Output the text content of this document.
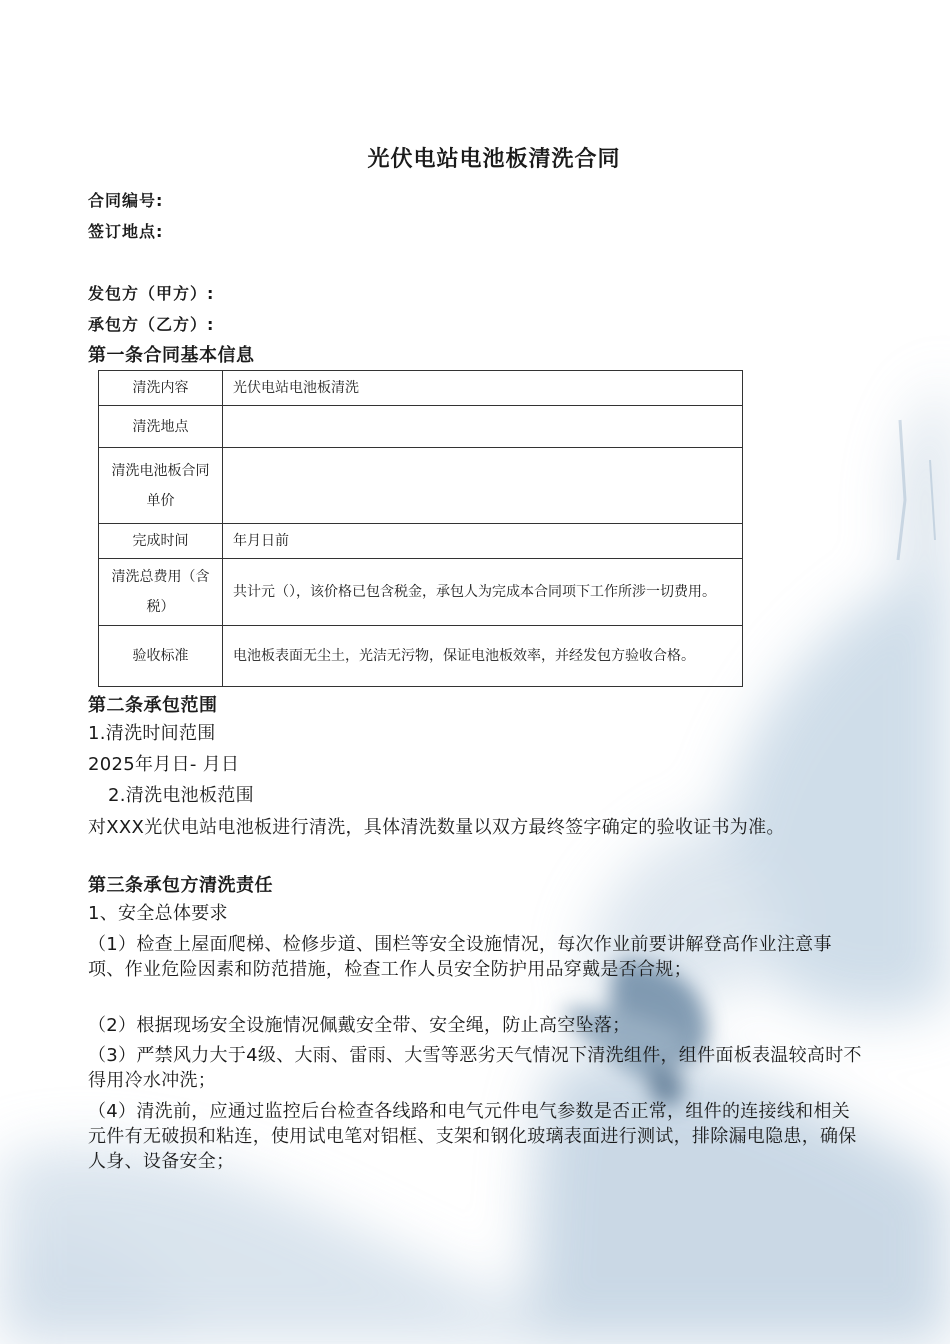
光伏电站电池板清洗合同
合同编号:
签订地点:
发包方（甲方）:
承包方（乙方）:
第一条合同基本信息
清洗内容	光伏电站电池板清洗
清洗地点	
清洗电池板合同单价	
完成时间	年月日前
清洗总费用（含税）	共计元（），该价格已包含税金，承包人为完成本合同项下工作所涉一切费用。
验收标准	电池板表面无尘土，光洁无污物，保证电池板效率，并经发包方验收合格。
第二条承包范围
1.清洗时间范围
2025年月日- 月日
2.清洗电池板范围
对XXX光伏电站电池板进行清洗，具体清洗数量以双方最终签字确定的验收证书为准。
第三条承包方清洗责任
1、安全总体要求
（1）检查上屋面爬梯、检修步道、围栏等安全设施情况，每次作业前要讲解登高作业注意事项、作业危险因素和防范措施，检查工作人员安全防护用品穿戴是否合规；
（2）根据现场安全设施情况佩戴安全带、安全绳，防止高空坠落；
（3）严禁风力大于4级、大雨、雷雨、大雪等恶劣天气情况下清洗组件，组件面板表温较高时不得用冷水冲洗；
（4）清洗前，应通过监控后台检查各线路和电气元件电气参数是否正常，组件的连接线和相关元件有无破损和粘连，使用试电笔对铝框、支架和钢化玻璃表面进行测试，排除漏电隐患，确保人身、设备安全；
